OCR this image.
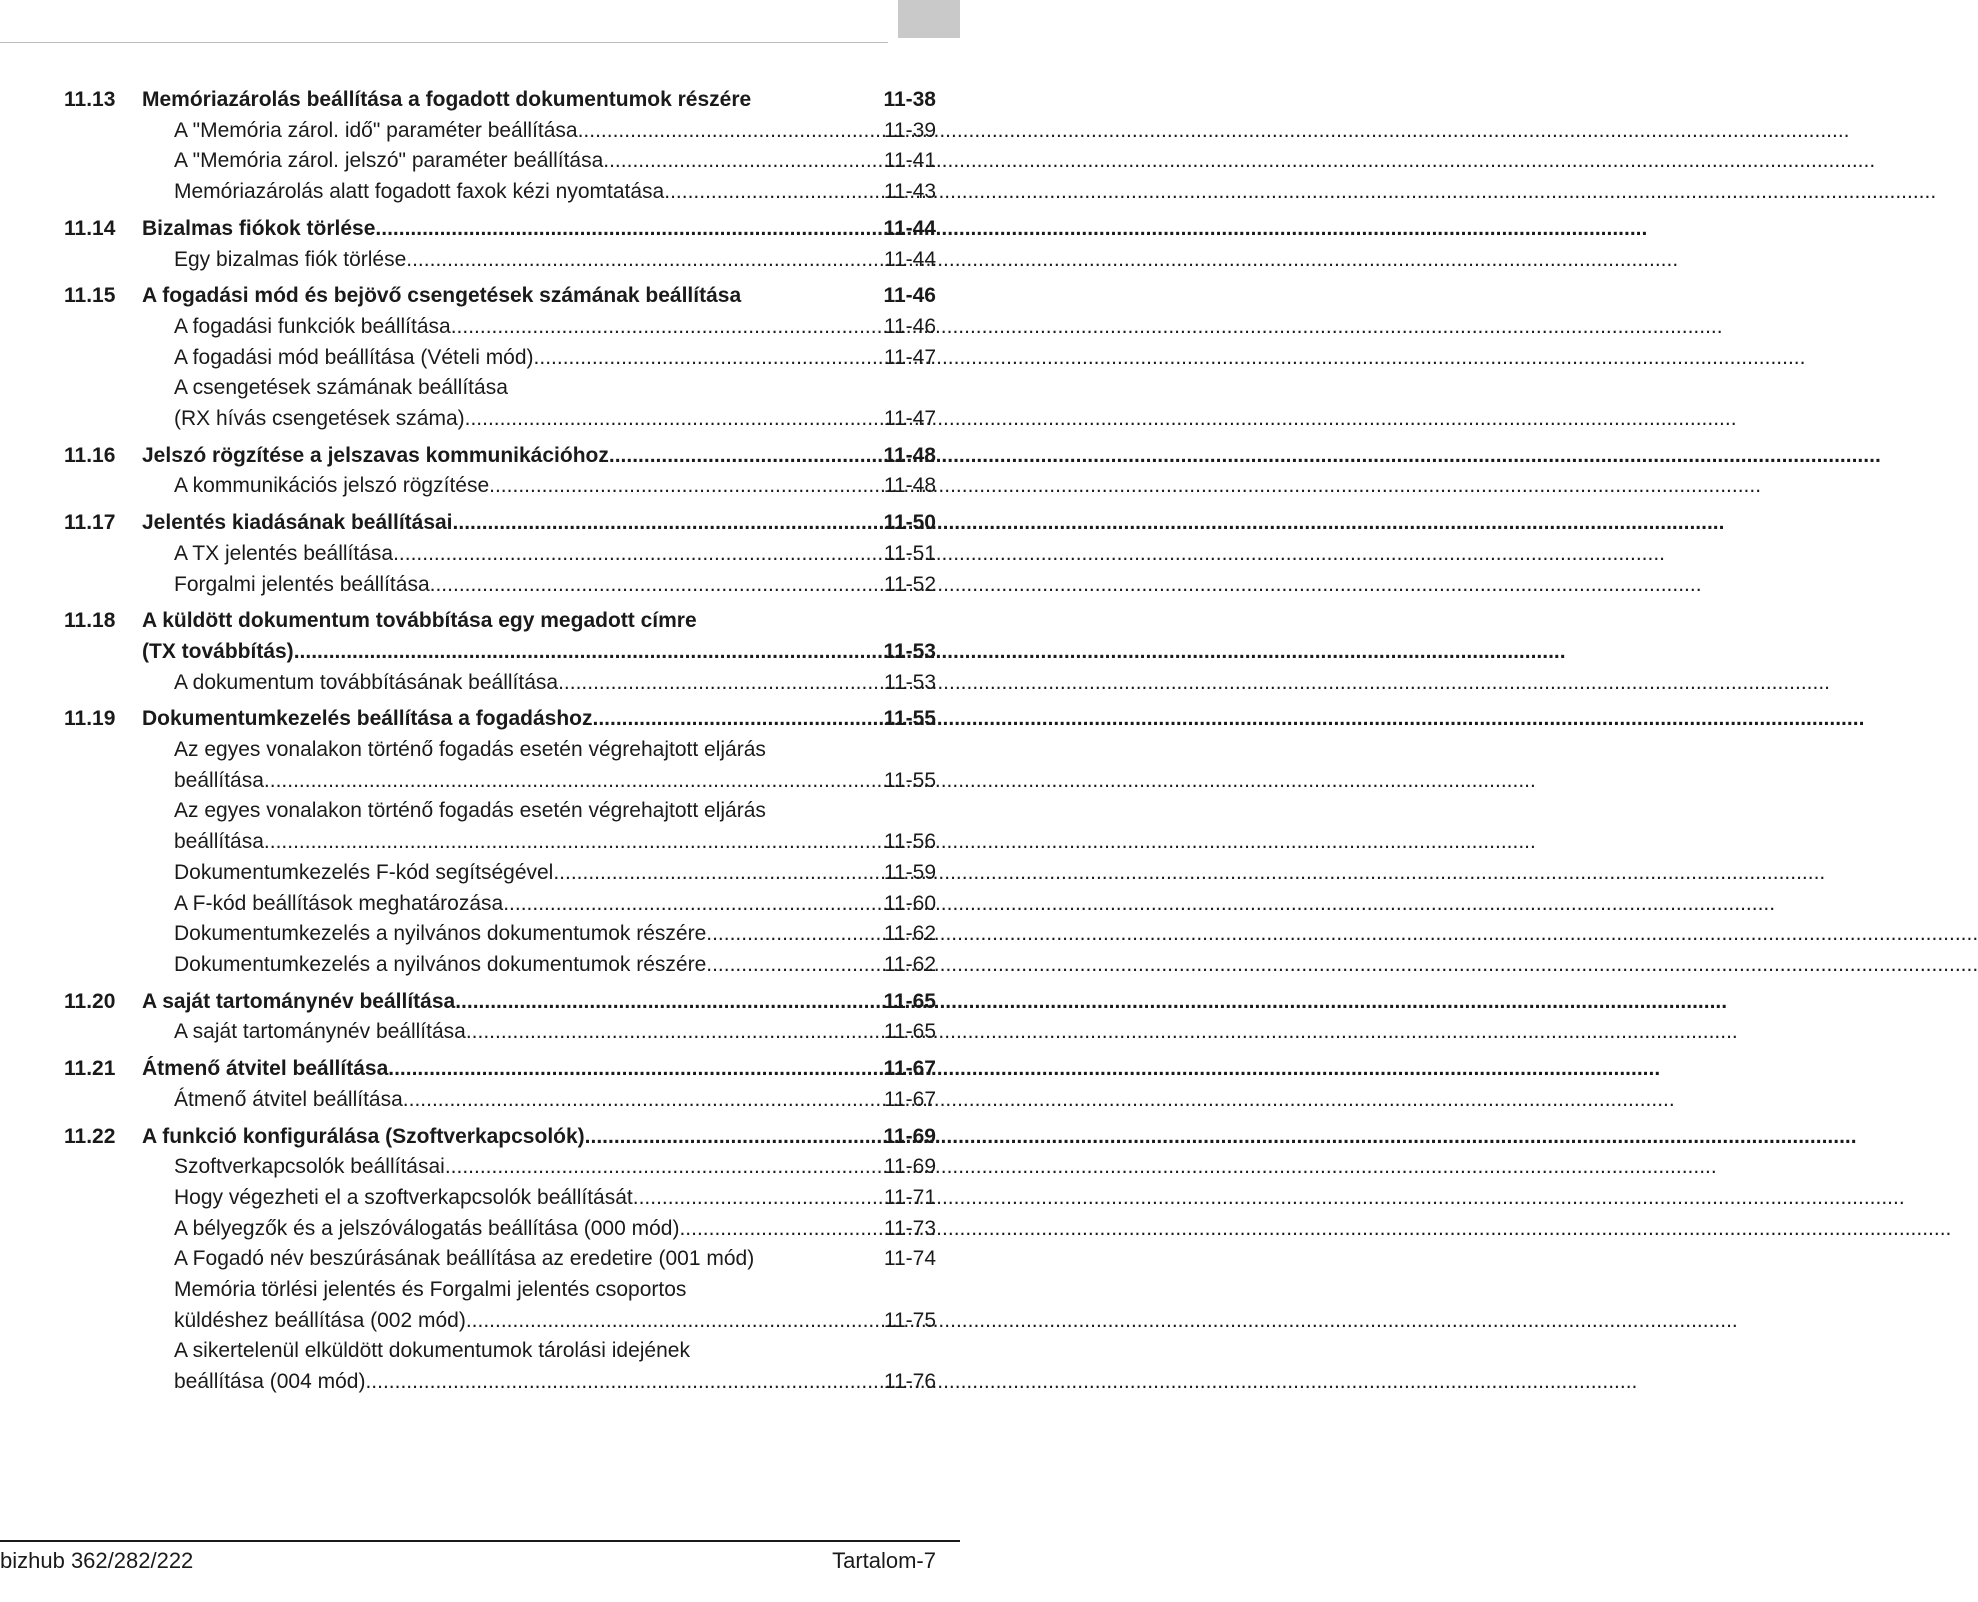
11.13	Memóriazárolás beállítása a fogadott dokumentumok részére	11-38
A "Memória zárol. idő" paraméter beállítása .....	11-39
A "Memória zárol. jelszó" paraméter beállítása .....	11-41
Memóriazárolás alatt fogadott faxok kézi nyomtatása .....	11-43
11.14	Bizalmas fiókok törlése .....	11-44
Egy bizalmas fiók törlése .....	11-44
11.15	A fogadási mód és bejövő csengetések számának beállítása	11-46
A fogadási funkciók beállítása .....	11-46
A fogadási mód beállítása (Vételi mód) .....	11-47
A csengetések számának beállítása
(RX hívás csengetések száma) .....	11-47
11.16	Jelszó rögzítése a jelszavas kommunikációhoz .....	11-48
A kommunikációs jelszó rögzítése .....	11-48
11.17	Jelentés kiadásának beállításai .....	11-50
A TX jelentés beállítása .....	11-51
Forgalmi jelentés beállítása .....	11-52
11.18	A küldött dokumentum továbbítása egy megadott címre
(TX továbbítás) .....	11-53
A dokumentum továbbításának beállítása .....	11-53
11.19	Dokumentumkezelés beállítása a fogadáshoz .....	11-55
Az egyes vonalakon történő fogadás esetén végrehajtott eljárás
beállítása .....	11-55
Az egyes vonalakon történő fogadás esetén végrehajtott eljárás
beállítása .....	11-56
Dokumentumkezelés F-kód segítségével .....	11-59
A F-kód beállítások meghatározása .....	11-60
Dokumentumkezelés a nyilvános dokumentumok részére .....	11-62
Dokumentumkezelés a nyilvános dokumentumok részére .....	11-62
11.20	A saját tartománynév beállítása .....	11-65
A saját tartománynév beállítása .....	11-65
11.21	Átmenő átvitel beállítása .....	11-67
Átmenő átvitel beállítása .....	11-67
11.22	A funkció konfigurálása (Szoftverkapcsolók) .....	11-69
Szoftverkapcsolók beállításai .....	11-69
Hogy végezheti el a szoftverkapcsolók beállítását .....	11-71
A bélyegzők és a jelszóválogatás beállítása (000 mód) .....	11-73
A Fogadó név beszúrásának beállítása az eredetire (001 mód)	11-74
Memória törlési jelentés és Forgalmi jelentés csoportos
küldéshez beállítása (002 mód) .....	11-75
A sikertelenül elküldött dokumentumok tárolási idejének
beállítása (004 mód) .....	11-76
bizhub 362/282/222	Tartalom-7
